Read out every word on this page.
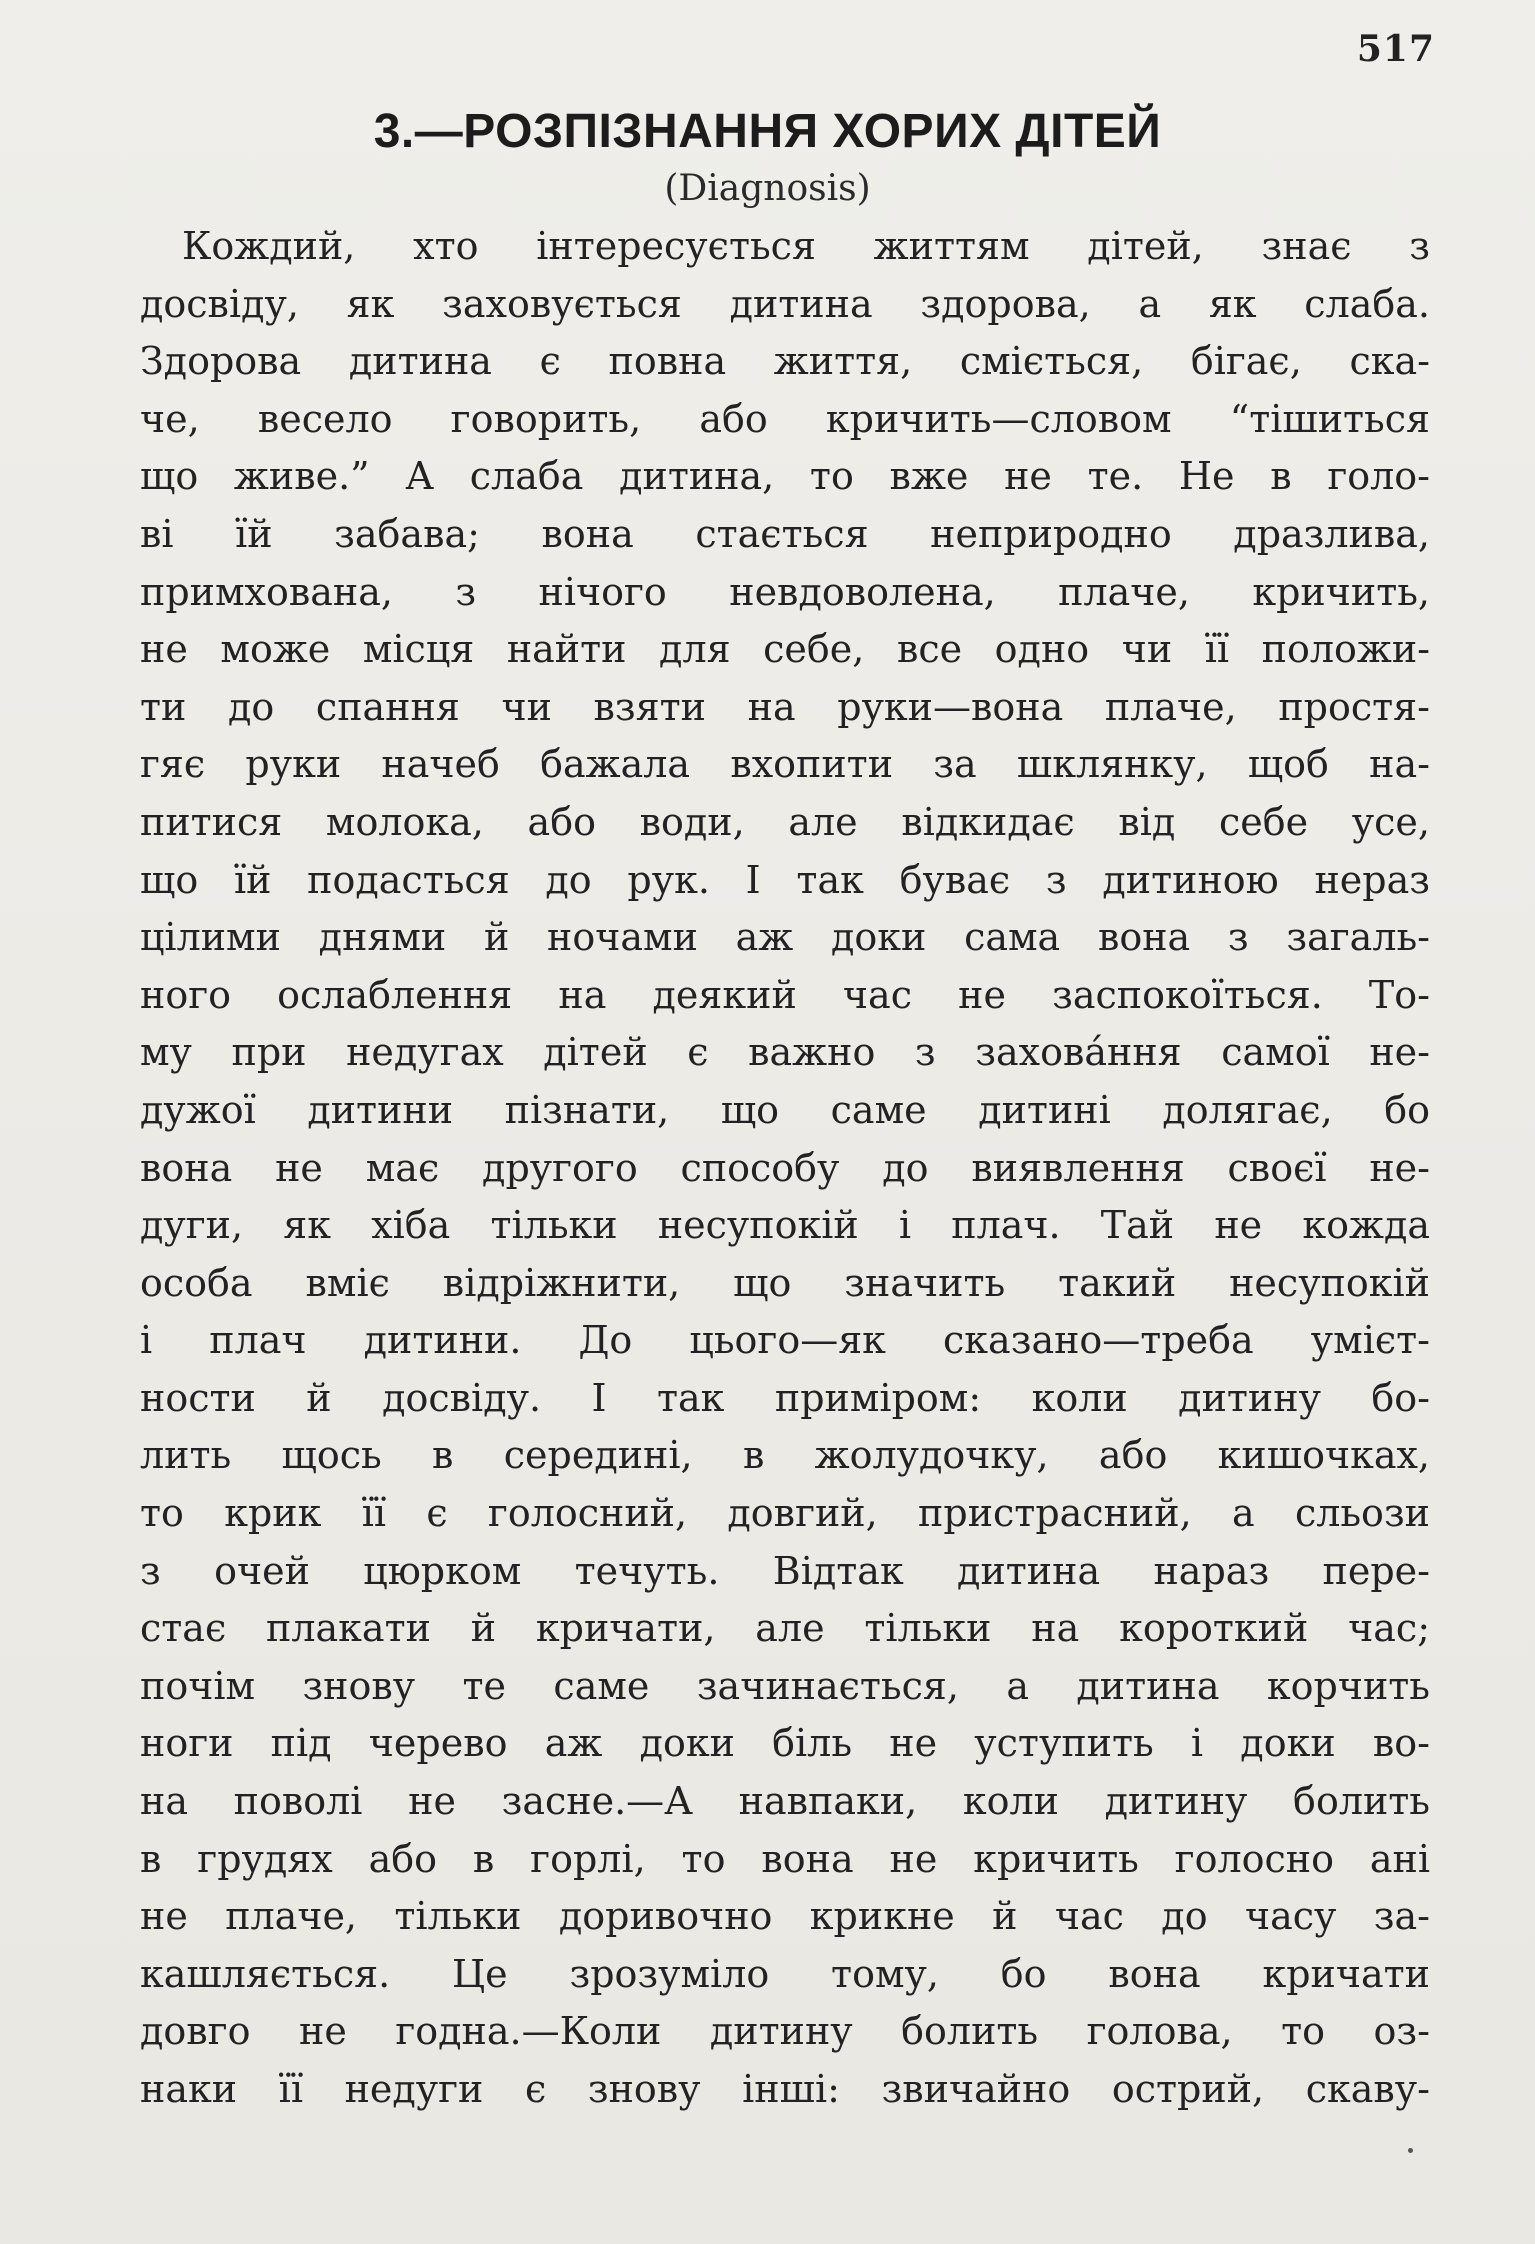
517
3.—РОЗПІЗНАННЯ ХОРИХ ДІТЕЙ
(Diagnosis)
Кождий, хто інтересується життям дітей, знає з
досвіду, як заховується дитина здорова, а як слаба.
Здорова дитина є повна життя, сміється, бігає, ска-
че, весело говорить, або кричить—словом “тішиться
що живе.” А слаба дитина, то вже не те. Не в голо-
ві їй забава; вона стається неприродно дразлива,
примхована, з нічого невдоволена, плаче, кричить,
не може місця найти для себе, все одно чи її положи-
ти до спання чи взяти на руки—вона плаче, простя-
гяє руки начеб бажала вхопити за шклянку, щоб на-
питися молока, або води, але відкидає від себе усе,
що їй подасться до рук. І так буває з дитиною нераз
цілими днями й ночами аж доки сама вона з загаль-
ного ослаблення на деякий час не заспокоїться. То-
му при недугах дітей є важно з захова́ння самої не-
дужої дитини пізнати, що саме дитині долягає, бо
вона не має другого способу до виявлення своєї не-
дуги, як хіба тільки несупокій і плач. Тай не кожда
особа вміє відріжнити, що значить такий несупокій
і плач дитини. До цього—як сказано—треба умієт-
ности й досвіду. І так приміром: коли дитину бо-
лить щось в середині, в жолудочку, або кишочках,
то крик її є голосний, довгий, пристрасний, а сльози
з очей цюрком течуть. Відтак дитина нараз пере-
стає плакати й кричати, але тільки на короткий час;
почім знову те саме зачинається, а дитина корчить
ноги під черево аж доки біль не уступить і доки во-
на поволі не засне.—А навпаки, коли дитину болить
в грудях або в горлі, то вона не кричить голосно ані
не плаче, тільки доривочно крикне й час до часу за-
кашляється. Це зрозуміло тому, бо вона кричати
довго не годна.—Коли дитину болить голова, то оз-
наки її недуги є знову інші: звичайно острий, скаву-
